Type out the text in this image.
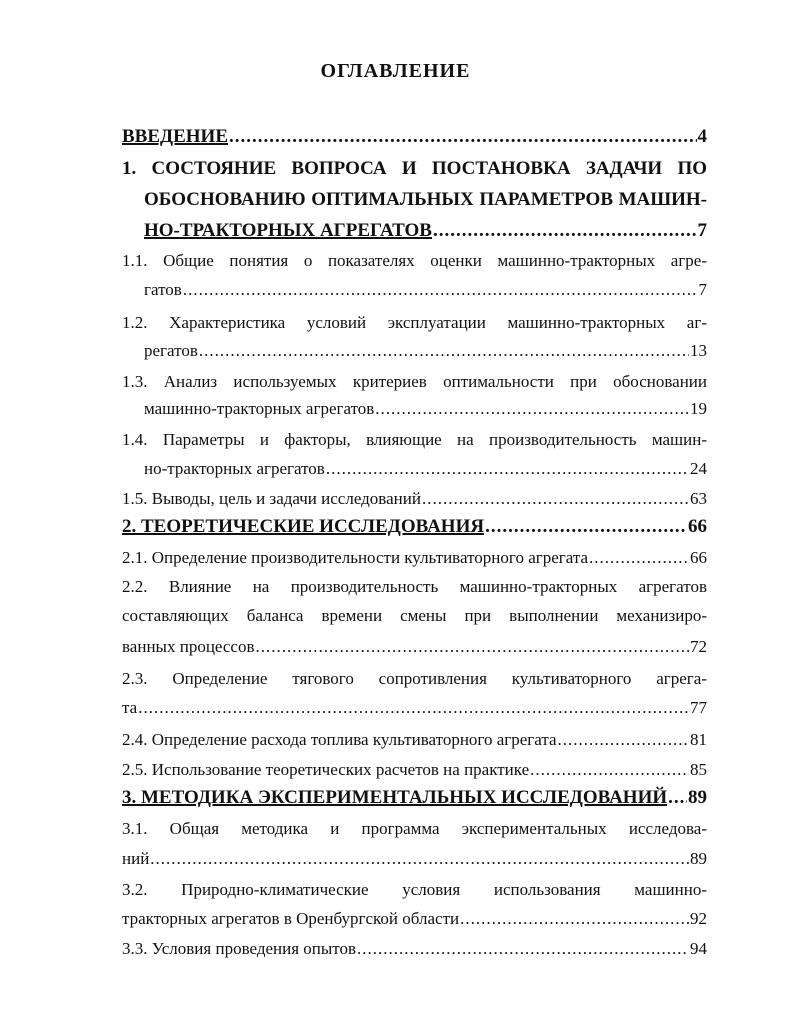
ОГЛАВЛЕНИЕ
ВВЕДЕНИЕ .....	4
1. СОСТОЯНИЕ ВОПРОСА И ПОСТАНОВКА ЗАДАЧИ ПО
ОБОСНОВАНИЮ ОПТИМАЛЬНЫХ ПАРАМЕТРОВ МАШИН-
НО-ТРАКТОРНЫХ АГРЕГАТОВ .....	7
1.1. Общие понятия о показателях оценки машинно-тракторных агре-
гатов .....	7
1.2. Характеристика условий эксплуатации машинно-тракторных аг-
регатов .....	13
1.3. Анализ используемых критериев оптимальности при обосновании
машинно-тракторных агрегатов .....	19
1.4. Параметры и факторы, влияющие на производительность машин-
но-тракторных агрегатов .....	24
1.5. Выводы, цель и задачи исследований .....	63
2. ТЕОРЕТИЧЕСКИЕ ИССЛЕДОВАНИЯ .....	66
2.1. Определение производительности культиваторного агрегата .....	66
2.2. Влияние на производительность машинно-тракторных агрегатов
составляющих баланса времени смены при выполнении механизиро-
ванных процессов .....	72
2.3. Определение тягового сопротивления культиваторного агрега-
та .....	77
2.4. Определение расхода топлива культиваторного агрегата .....	81
2.5. Использование теоретических расчетов на практике .....	85
3. МЕТОДИКА ЭКСПЕРИМЕНТАЛЬНЫХ ИССЛЕДОВАНИЙ ..... 89
3.1. Общая методика и программа экспериментальных исследова-
ний .....	89
3.2. Природно-климатические условия использования машинно-
тракторных агрегатов в Оренбургской области .....	92
3.3. Условия проведения опытов .....	94
